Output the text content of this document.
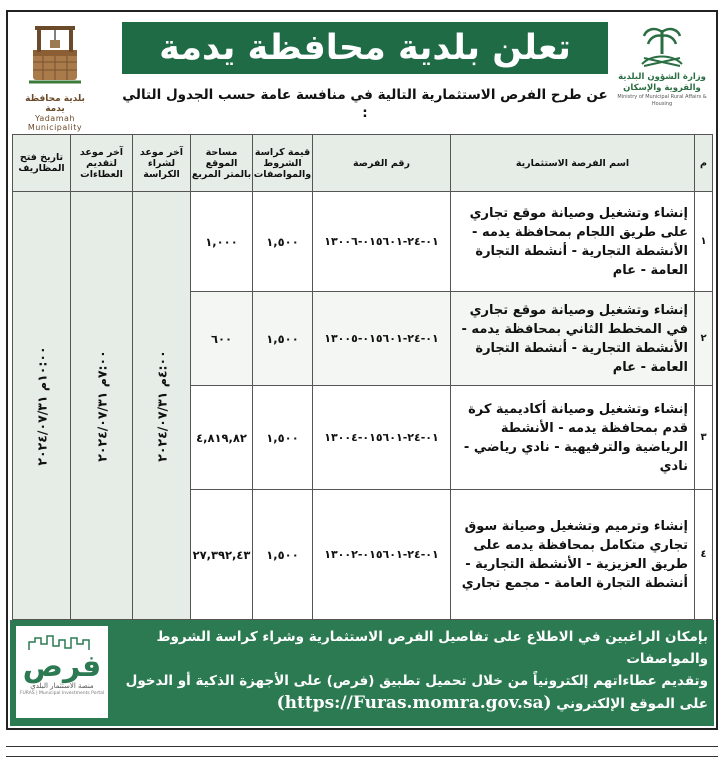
بلدية محافظة يدمة
Yadamah Municipality
تعلن بلدية محافظة يدمة
عن طرح الفرص الاستثمارية التالية في منافسة عامة حسب الجدول التالي :
وزارة الشؤون البلدية
والقروية والإسكان
Ministry of Municipal Rural Affairs & Housing
م	اسم الفرصة الاستثمارية	رقم الفرصة	قيمة كراسة الشروط والمواصفات	مساحة الموقع بالمتر المربع	آخر موعد لشراء الكراسة	آخر موعد لتقديم العطاءات	تاريخ فتح المظاريف
١	إنشاء وتشغيل وصيانة موقع تجاري على طريق اللجام بمحافظة يدمه - الأنشطة التجارية - أنشطة التجارة العامة - عام	٠١-٢٤-٠١٥٦٠١-١٣٠٠٦	١,٥٠٠	١,٠٠٠	٤:٠٠م ٢٠٢٤/٠٧/٣١	٧:٠٠م ٢٠٢٤/٠٧/٣١	١٠:٠٠م ٢٠٢٤/٠٧/٣١

٢	إنشاء وتشغيل وصيانة موقع تجاري في المخطط الثاني بمحافظة يدمه - الأنشطة التجارية - أنشطة التجارة العامة - عام	٠١-٢٤-٠١٥٦٠١-١٣٠٠٥	١,٥٠٠	٦٠٠			
٣	إنشاء وتشغيل وصيانة أكاديمية كرة قدم بمحافظة يدمه - الأنشطة الرياضية والترفيهية - نادي رياضي - نادي	٠١-٢٤-٠١٥٦٠١-١٣٠٠٤	١,٥٠٠	٤,٨١٩,٨٢			
٤	إنشاء وترميم وتشغيل وصيانة سوق تجاري متكامل بمحافظة يدمه على طريق العزيزية - الأنشطة التجارية - أنشطة التجارة العامة - مجمع تجاري	٠١-٢٤-٠١٥٦٠١-١٣٠٠٢	١,٥٠٠	٢٧,٣٩٢,٤٣			
بإمكان الراغبين في الاطلاع على تفاصيل الفرص الاستثمارية وشراء كراسة الشروط والمواصفات
وتقديم عطاءاتهم إلكترونياً من خلال تحميل تطبيق (فرص) على الأجهزة الذكية أو الدخول
على الموقع الإلكتروني (https://Furas.momra.gov.sa)
فرص
منصة الاستثمار البلدي
FURAS | Municipal Investments Portal
